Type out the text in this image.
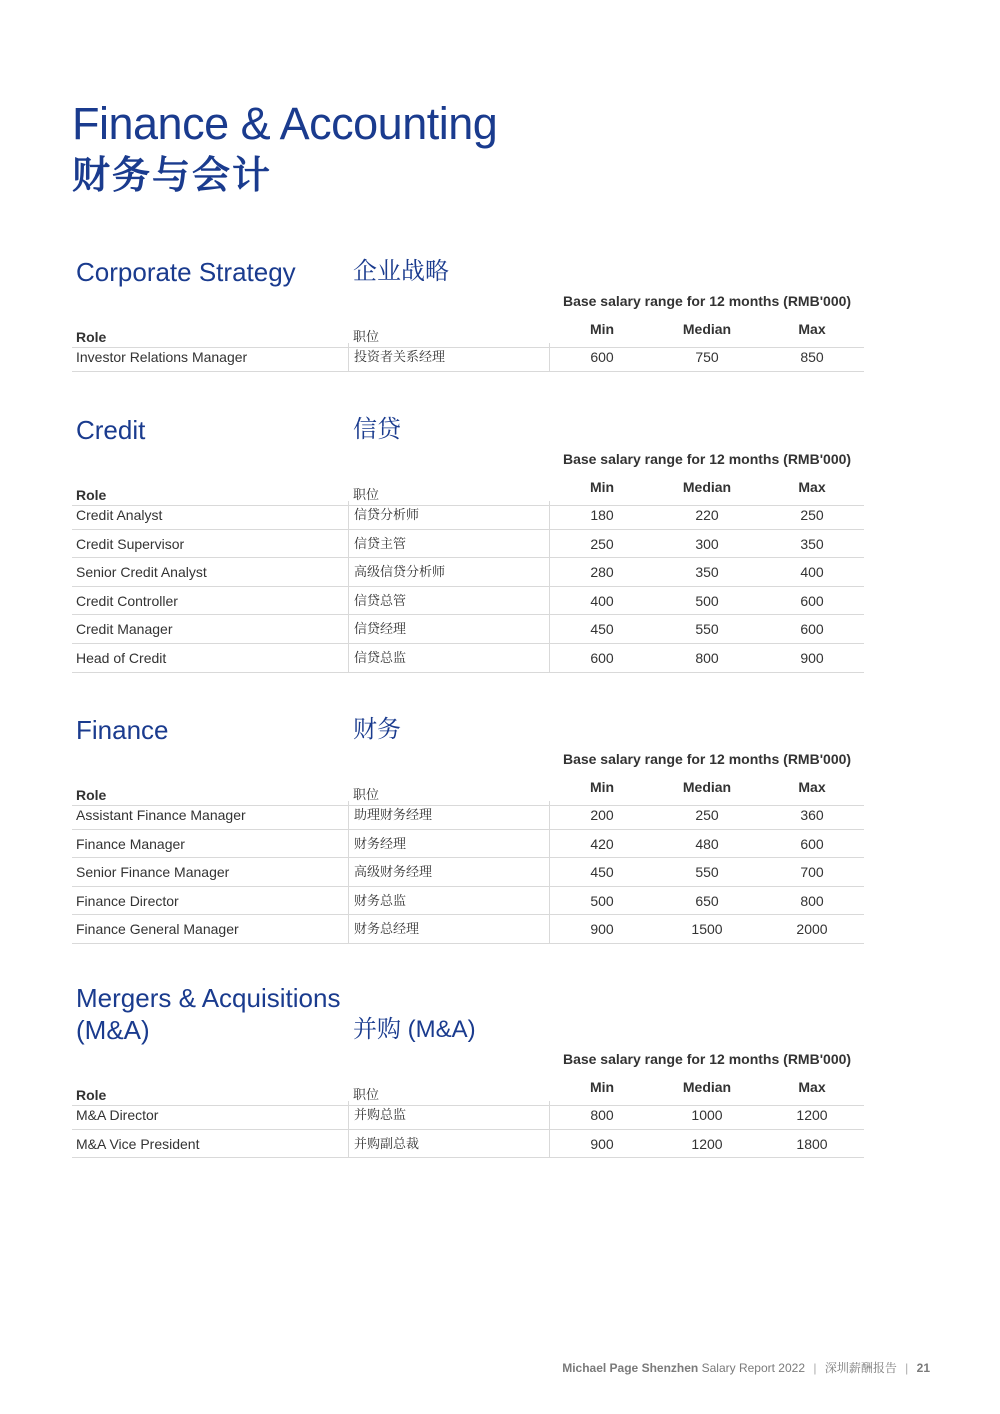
Finance & Accounting
财务与会计
Corporate Strategy 企业战略
Base salary range for 12 months (RMB'000)
Role	职位	Min	Median	Max
Investor Relations Manager	投资者关系经理	600	750	850
Credit	信贷
Base salary range for 12 months (RMB'000)
Role	职位	Min	Median	Max
Credit Analyst	信贷分析师	180	220	250
Credit Supervisor	信贷主管	250	300	350
Senior Credit Analyst	高级信贷分析师	280	350	400
Credit Controller	信贷总管	400	500	600
Credit Manager	信贷经理	450	550	600
Head of Credit	信贷总监	600	800	900
Finance	财务
Base salary range for 12 months (RMB'000)
Role	职位	Min	Median	Max
Assistant Finance Manager	助理财务经理	200	250	360
Finance Manager	财务经理	420	480	600
Senior Finance Manager	高级财务经理	450	550	700
Finance Director	财务总监	500	650	800
Finance General Manager	财务总经理	900	1500	2000
Mergers & Acquisitions
(M&A)	并购 (M&A)
Base salary range for 12 months (RMB'000)
Role	职位	Min	Median	Max
M&A Director	并购总监	800	1000	1200
M&A Vice President	并购副总裁	900	1200	1800
Michael Page Shenzhen Salary Report 2022 | 深圳薪酬报告 | 21
